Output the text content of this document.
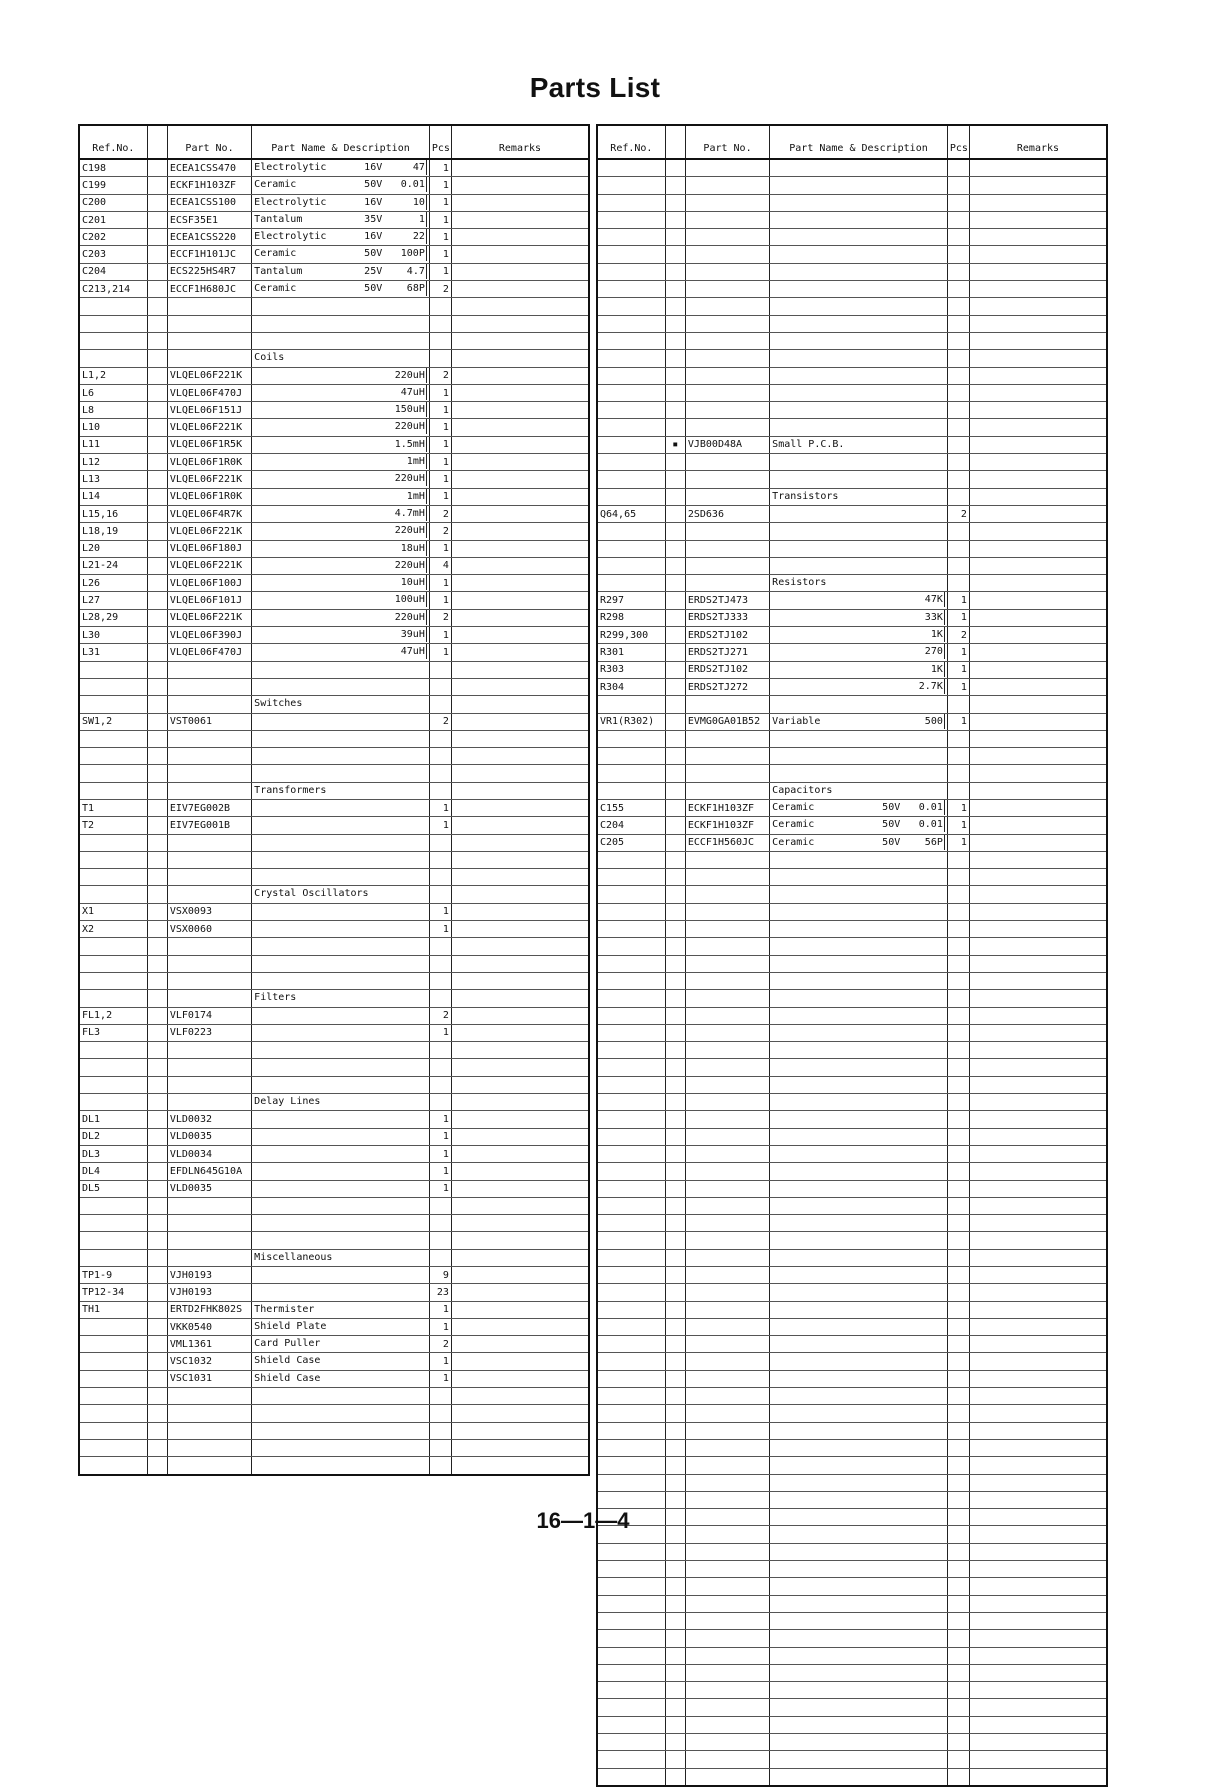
Parts List
Ref.No.		Part No.	Part Name & Description	Pcs	Remarks
C198		ECEA1CSS470	Electrolytic 16V 47	1	
C199		ECKF1H103ZF	Ceramic 50V 0.01	1	
C200		ECEA1CSS100	Electrolytic 16V 10	1	
C201		ECSF35E1	Tantalum 35V 1	1	
C202		ECEA1CSS220	Electrolytic 16V 22	1	
C203		ECCF1H101JC	Ceramic 50V 100P	1	
C204		ECS225HS4R7	Tantalum 25V 4.7	1	
C213,214		ECCF1H680JC	Ceramic 50V 68P	2	

			Coils		

L1,2		VLQEL06F221K	220uH	2	
L6		VLQEL06F470J	47uH	1	
L8		VLQEL06F151J	150uH	1	
L10		VLQEL06F221K	220uH	1	
L11		VLQEL06F1R5K	1.5mH	1	
L12		VLQEL06F1R0K	1mH	1	
L13		VLQEL06F221K	220uH	1	
L14		VLQEL06F1R0K	1mH	1	
L15,16		VLQEL06F4R7K	4.7mH	2	
L18,19		VLQEL06F221K	220uH	2	
L20		VLQEL06F180J	18uH	1	
L21-24		VLQEL06F221K	220uH	4	
L26		VLQEL06F100J	10uH	1	
L27		VLQEL06F101J	100uH	1	
L28,29		VLQEL06F221K	220uH	2	
L30		VLQEL06F390J	39uH	1	
L31		VLQEL06F470J	47uH	1	

			Switches		

SW1,2		VST0061		2	

			Transformers		

T1		EIV7EG002B		1	
T2		EIV7EG001B		1	

			Crystal Oscillators		

X1		VSX0093		1	
X2		VSX0060		1	

			Filters		

FL1,2		VLF0174		2	
FL3		VLF0223		1	

			Delay Lines		

DL1		VLD0032		1	
DL2		VLD0035		1	
DL3		VLD0034		1	
DL4		EFDLN645G10A		1	
DL5		VLD0035		1	

			Miscellaneous		

TP1-9		VJH0193		9	
TP12-34		VJH0193		23	
TH1		ERTD2FHK802S	Thermister	1	
		VKK0540	Shield Plate	1	
		VML1361	Card Puller	2	
		VSC1032	Shield Case	1	
		VSC1031	Shield Case	1	

Ref.No.		Part No.	Part Name & Description	Pcs	Remarks

	▪	VJB00D48A	Small P.C.B.		

			Transistors		

Q64,65		2SD636		2	

			Resistors		

R297		ERDS2TJ473	47K	1	
R298		ERDS2TJ333	33K	1	
R299,300		ERDS2TJ102	1K	2	
R301		ERDS2TJ271	270	1	
R303		ERDS2TJ102	1K	1	
R304		ERDS2TJ272	2.7K	1	

VR1(R302)		EVMG0GA01B52	Variable 500	1	

			Capacitors		

C155		ECKF1H103ZF	Ceramic 50V 0.01	1	
C204		ECKF1H103ZF	Ceramic 50V 0.01	1	
C205		ECCF1H560JC	Ceramic 50V 56P	1	

16—1—4
